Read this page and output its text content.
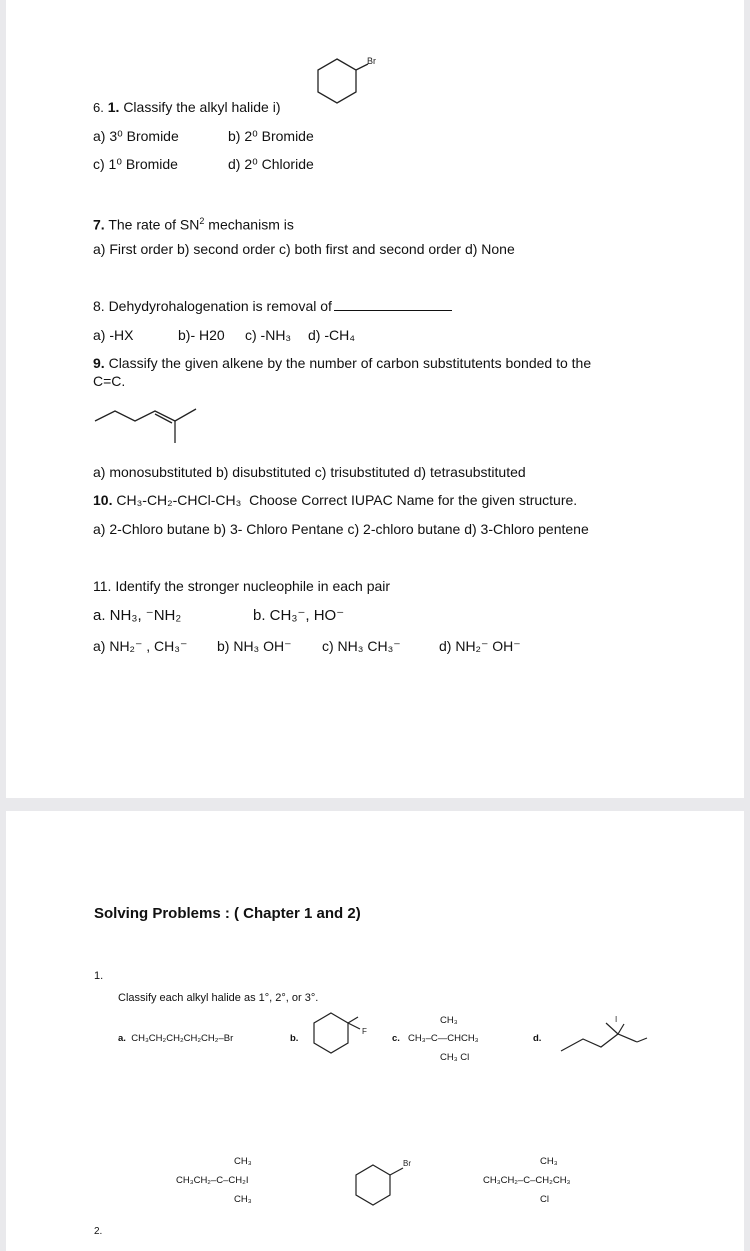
Br
6. 1. Classify the alkyl halide i)
a) 3⁰ Bromide	b) 2⁰ Bromide
c) 1⁰ Bromide	d) 2⁰ Chloride
7. The rate of $SN^2$ mechanism is
a) First order b) second order c) both first and second order d) None
8. Dehydyrohalogenation is removal of
a) -HX	b)- H20 c) -NH₃ d) -CH₄
9. Classify the given alkene by the number of carbon substitutents bonded to the
C=C.
a) monosubstituted b) disubstituted c) trisubstituted d) tetrasubstituted
10. CH₃-CH₂-CHCl-CH₃ Choose Correct IUPAC Name for the given structure.
a) 2-Chloro butane b) 3- Chloro Pentane c) 2-chloro butane d) 3-Chloro pentene
11. Identify the stronger nucleophile in each pair
a. NH₃, ⁻NH₂	b. CH₃⁻, HO⁻
a) NH₂⁻ , CH₃⁻ b) NH₃ OH⁻ c) NH₃ CH₃⁻	d) NH₂⁻ OH⁻
Solving Problems : ( Chapter 1 and 2)
1.
Classify each alkyl halide as 1°, 2°, or 3°.
a. CH₃CH₂CH₂CH₂CH₂–Br	b.
F
c.
CH₃
CH₃–C—CHCH₃
CH₃ Cl
d.
I
CH₃
CH₃CH₂–C–CH₂I
CH₃
Br	CH₃
CH₃CH₂–C–CH₂CH₃
Cl
2.
